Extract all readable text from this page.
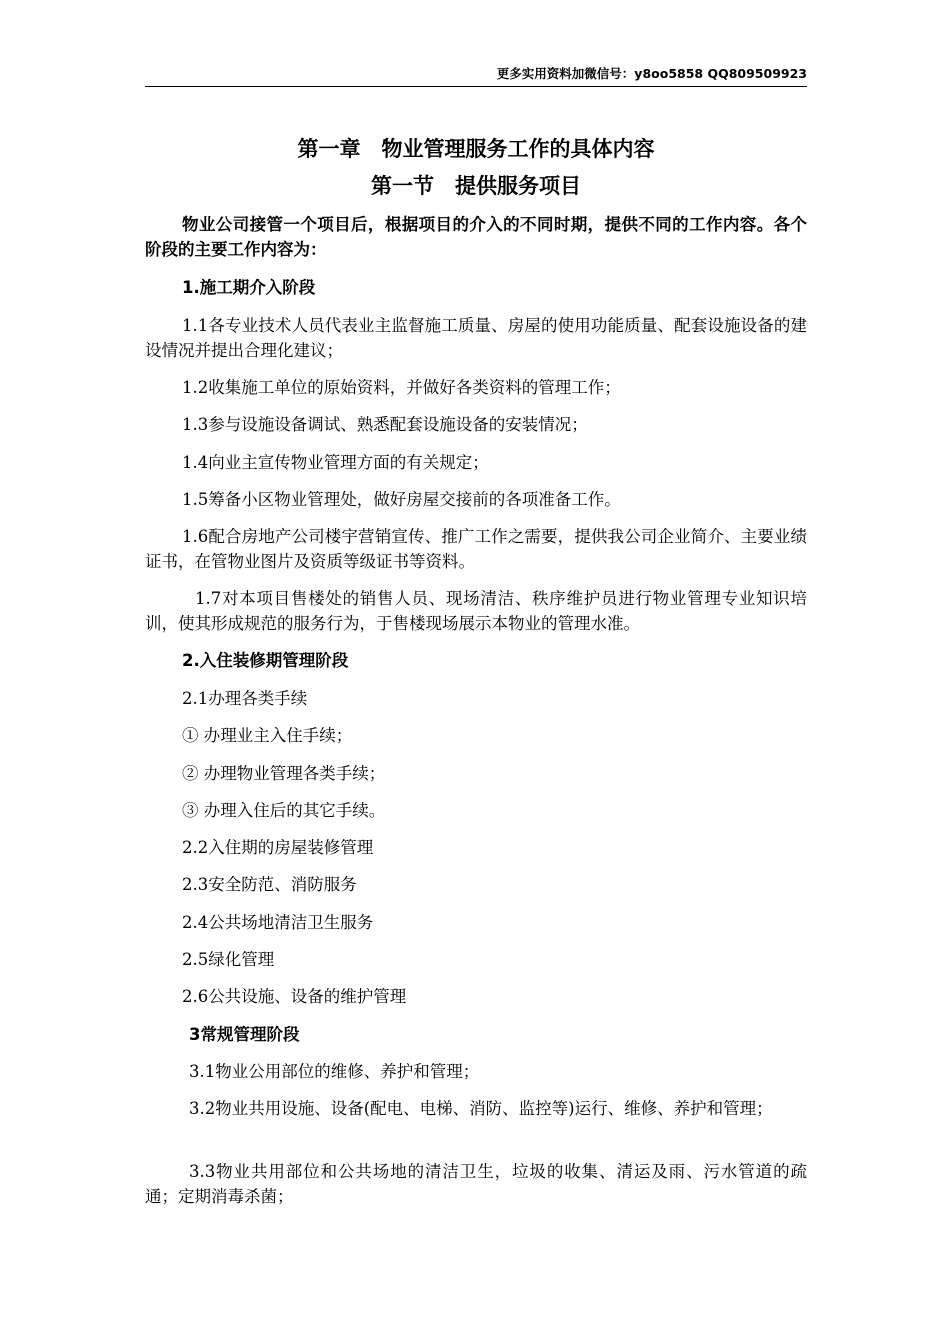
更多实用资料加微信号：y8oo5858 QQ809509923
第一章　物业管理服务工作的具体内容
第一节　提供服务项目
物业公司接管一个项目后，根据项目的介入的不同时期，提供不同的工作内容。各个阶段的主要工作内容为：
1.施工期介入阶段
1.1各专业技术人员代表业主监督施工质量、房屋的使用功能质量、配套设施设备的建设情况并提出合理化建议；
1.2收集施工单位的原始资料，并做好各类资料的管理工作；
1.3参与设施设备调试、熟悉配套设施设备的安装情况；
1.4向业主宣传物业管理方面的有关规定；
1.5筹备小区物业管理处，做好房屋交接前的各项准备工作。
1.6配合房地产公司楼宇营销宣传、推广工作之需要，提供我公司企业简介、主要业绩证书，在管物业图片及资质等级证书等资料。
1.7对本项目售楼处的销售人员、现场清洁、秩序维护员进行物业管理专业知识培训，使其形成规范的服务行为，于售楼现场展示本物业的管理水准。
2.入住装修期管理阶段
2.1办理各类手续
① 办理业主入住手续；
② 办理物业管理各类手续；
③ 办理入住后的其它手续。
2.2入住期的房屋装修管理
2.3安全防范、消防服务
2.4公共场地清洁卫生服务
2.5绿化管理
2.6公共设施、设备的维护管理
3常规管理阶段
3.1物业公用部位的维修、养护和管理；
3.2物业共用设施、设备(配电、电梯、消防、监控等)运行、维修、养护和管理；
3.3物业共用部位和公共场地的清洁卫生，垃圾的收集、清运及雨、污水管道的疏通；定期消毒杀菌；
